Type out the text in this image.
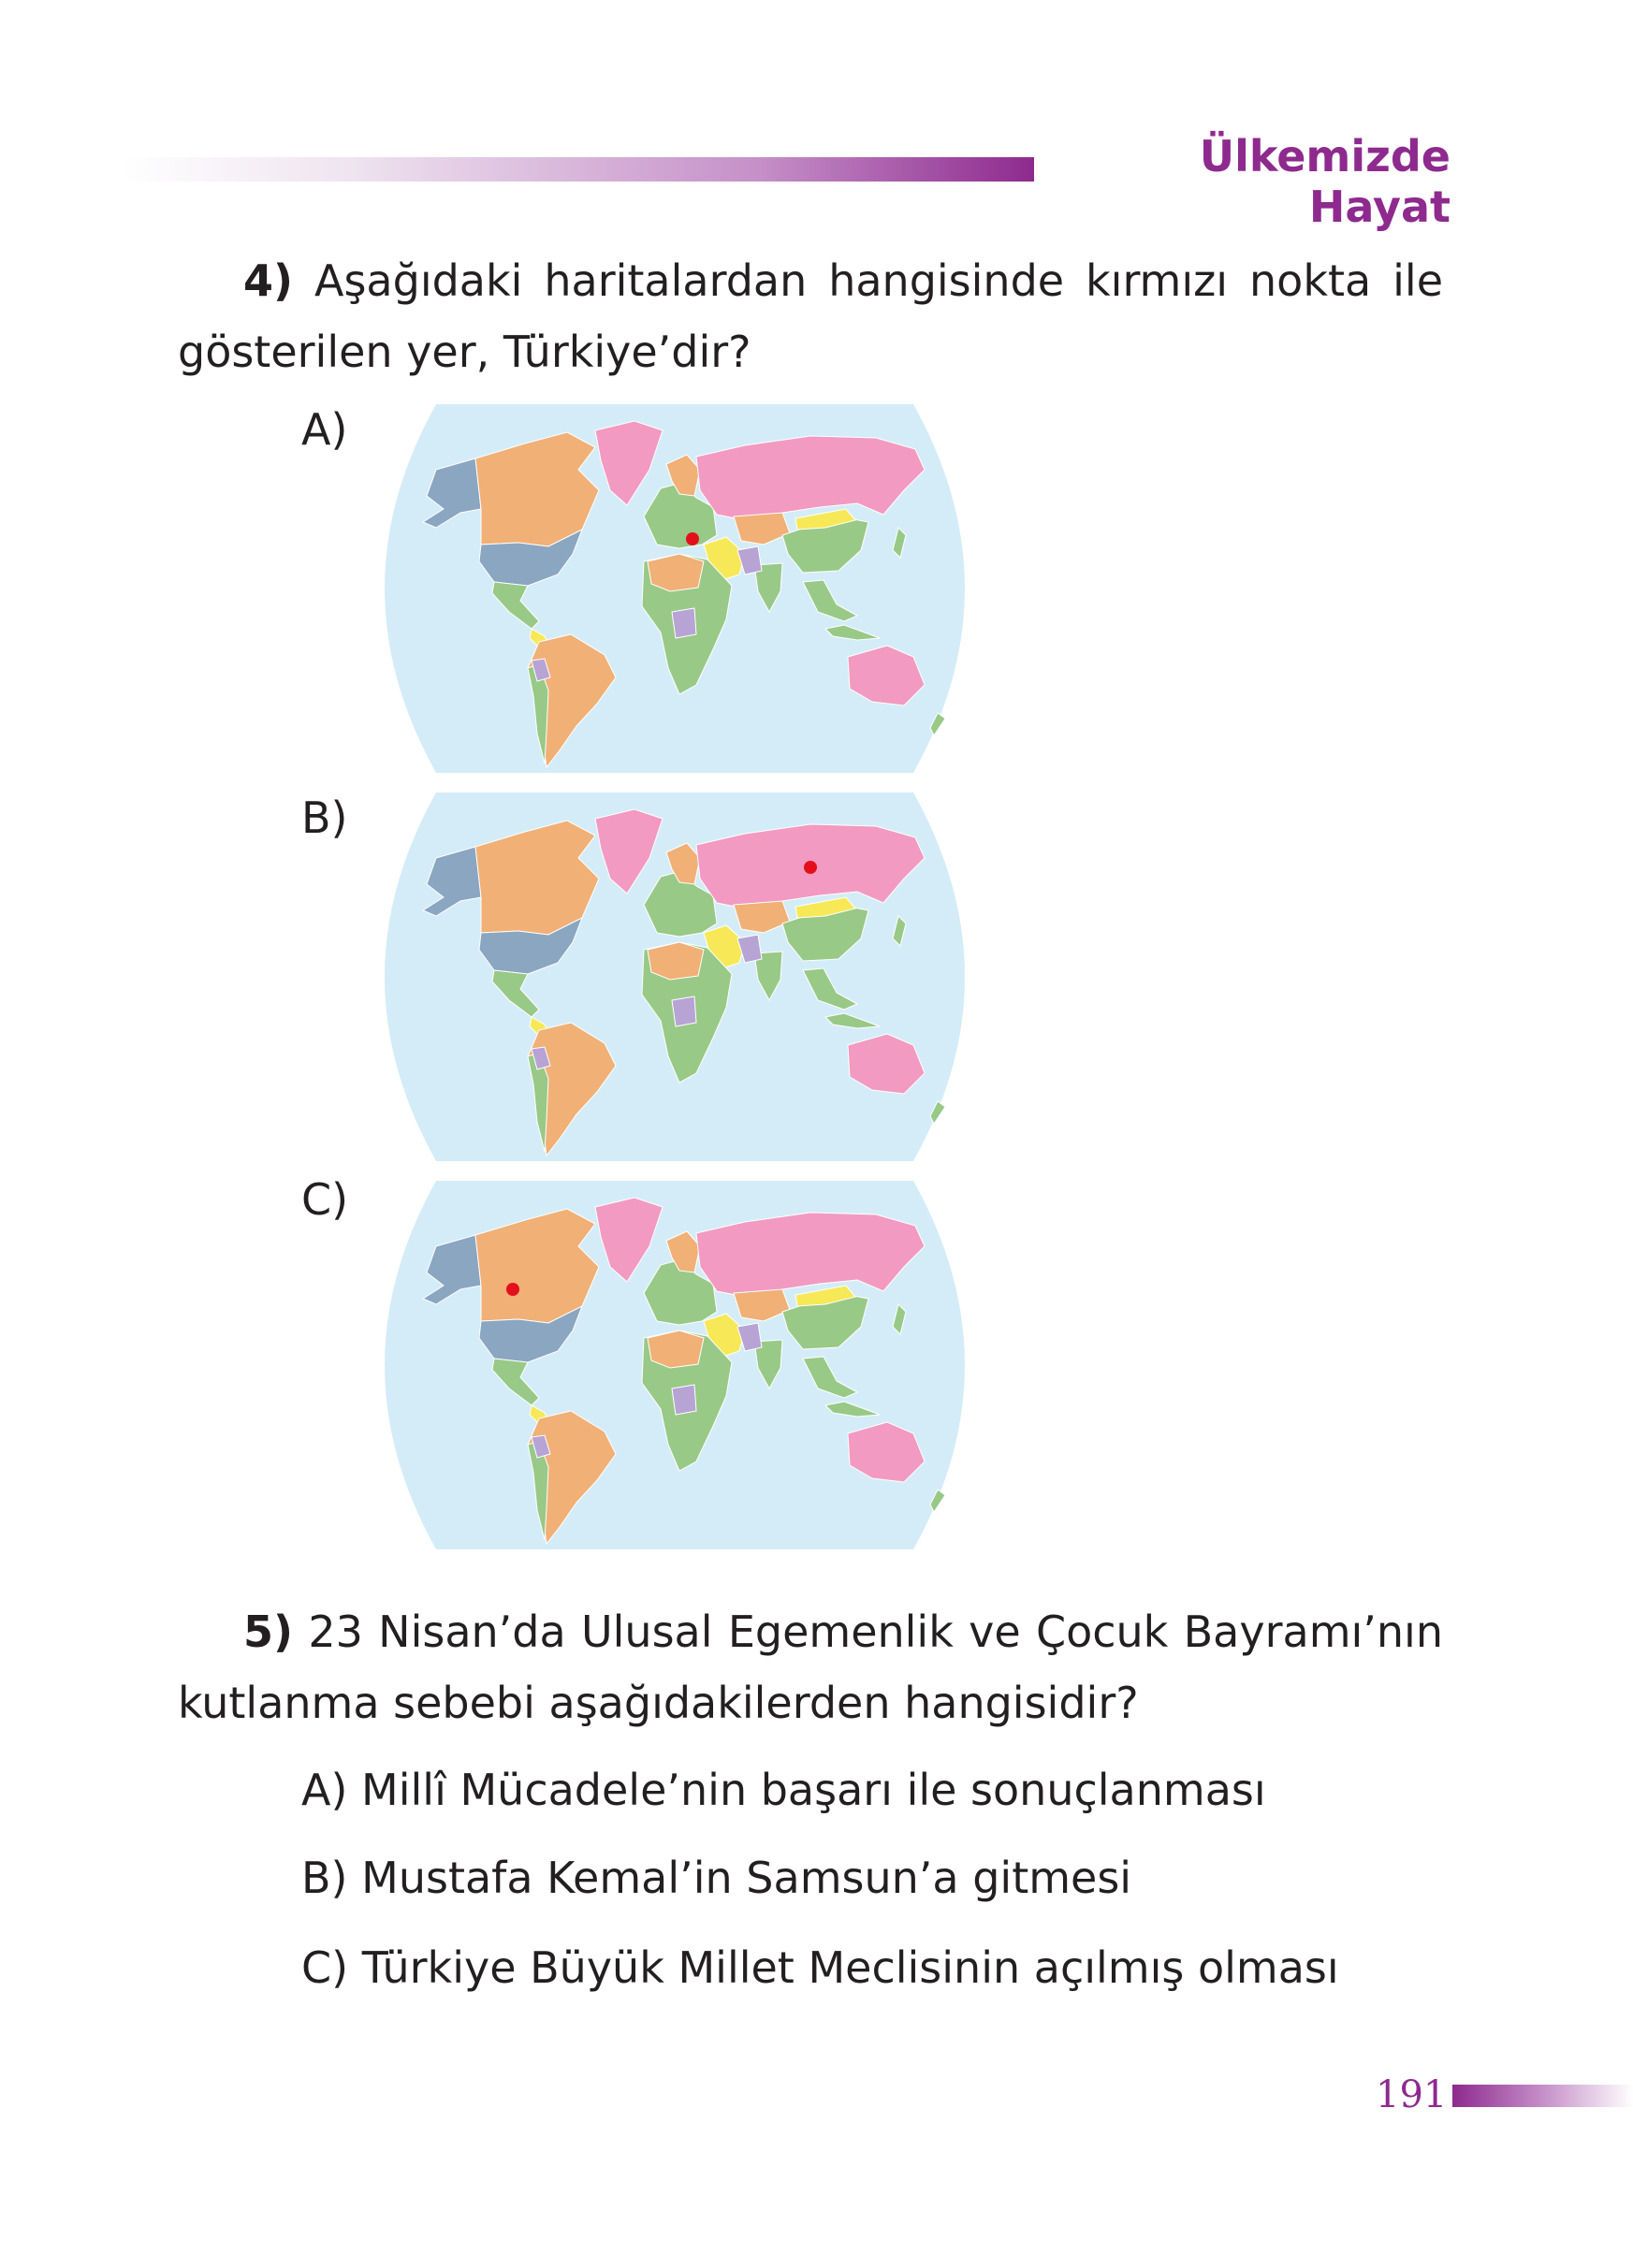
Ülkemizde Hayat
4) Aşağıdaki haritalardan hangisinde kırmızı nokta ile
gösterilen yer, Türkiye’dir?
A)
B)
C)
5) 23 Nisan’da Ulusal Egemenlik ve Çocuk Bayramı’nın
kutlanma sebebi aşağıdakilerden hangisidir?
A) Millî Mücadele’nin başarı ile sonuçlanması
B) Mustafa Kemal’in Samsun’a gitmesi
C) Türkiye Büyük Millet Meclisinin açılmış olması
191
